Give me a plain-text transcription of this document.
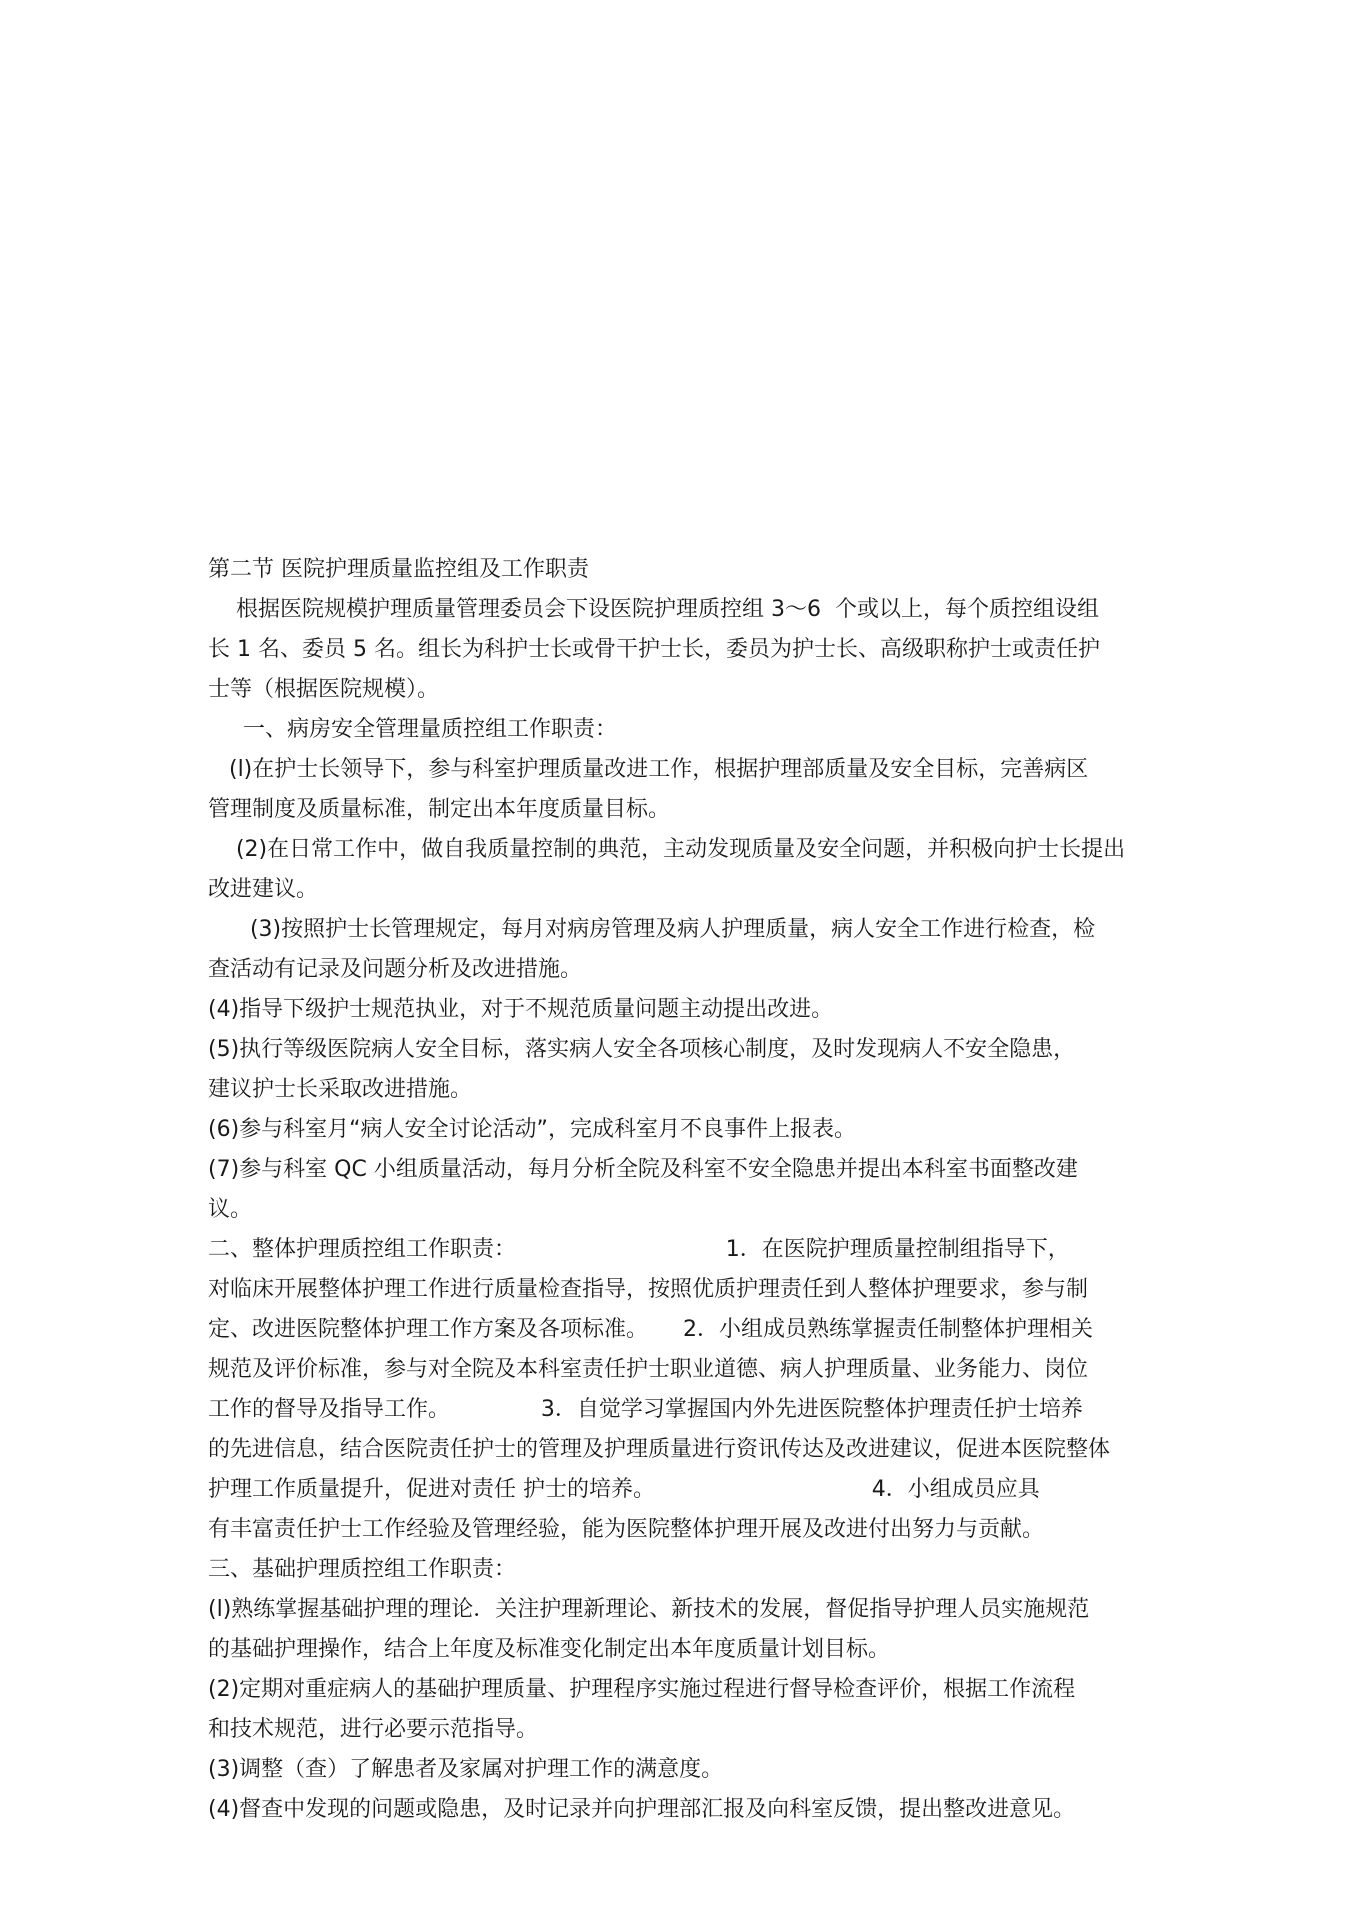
第二节 医院护理质量监控组及工作职责
根据医院规模护理质量管理委员会下设医院护理质控组 3～6  个或以上，每个质控组设组
长 1 名、委员 5 名。组长为科护士长或骨干护士长，委员为护士长、高级职称护士或责任护
士等（根据医院规模）。
一、病房安全管理量质控组工作职责：
(l)在护士长领导下，参与科室护理质量改进工作，根据护理部质量及安全目标，完善病区
管理制度及质量标准，制定出本年度质量目标。
(2)在日常工作中，做自我质量控制的典范，主动发现质量及安全问题，并积极向护士长提出
改进建议。
(3)按照护士长管理规定，每月对病房管理及病人护理质量，病人安全工作进行检查，检
查活动有记录及问题分析及改进措施。
(4)指导下级护士规范执业，对于不规范质量问题主动提出改进。
(5)执行等级医院病人安全目标，落实病人安全各项核心制度，及时发现病人不安全隐患，
建议护士长采取改进措施。
(6)参与科室月“病人安全讨论活动”，完成科室月不良事件上报表。
(7)参与科室 QC 小组质量活动，每月分析全院及科室不安全隐患并提出本科室书面整改建
议。
二、整体护理质控组工作职责：                              1．在医院护理质量控制组指导下，
对临床开展整体护理工作进行质量检查指导，按照优质护理责任到人整体护理要求，参与制
定、改进医院整体护理工作方案及各项标准。     2．小组成员熟练掌握责任制整体护理相关
规范及评价标准，参与对全院及本科室责任护士职业道德、病人护理质量、业务能力、岗位
工作的督导及指导工作。             3．自觉学习掌握国内外先进医院整体护理责任护士培养
的先进信息，结合医院责任护士的管理及护理质量进行资讯传达及改进建议，促进本医院整体
护理工作质量提升，促进对责任 护士的培养。                               4．小组成员应具
有丰富责任护士工作经验及管理经验，能为医院整体护理开展及改进付出努力与贡献。
三、基础护理质控组工作职责：
(l)熟练掌握基础护理的理论．关注护理新理论、新技术的发展，督促指导护理人员实施规范
的基础护理操作，结合上年度及标准变化制定出本年度质量计划目标。
(2)定期对重症病人的基础护理质量、护理程序实施过程进行督导检查评价，根据工作流程
和技术规范，进行必要示范指导。
(3)调整（查）了解患者及家属对护理工作的满意度。
(4)督查中发现的问题或隐患，及时记录并向护理部汇报及向科室反馈，提出整改进意见。
